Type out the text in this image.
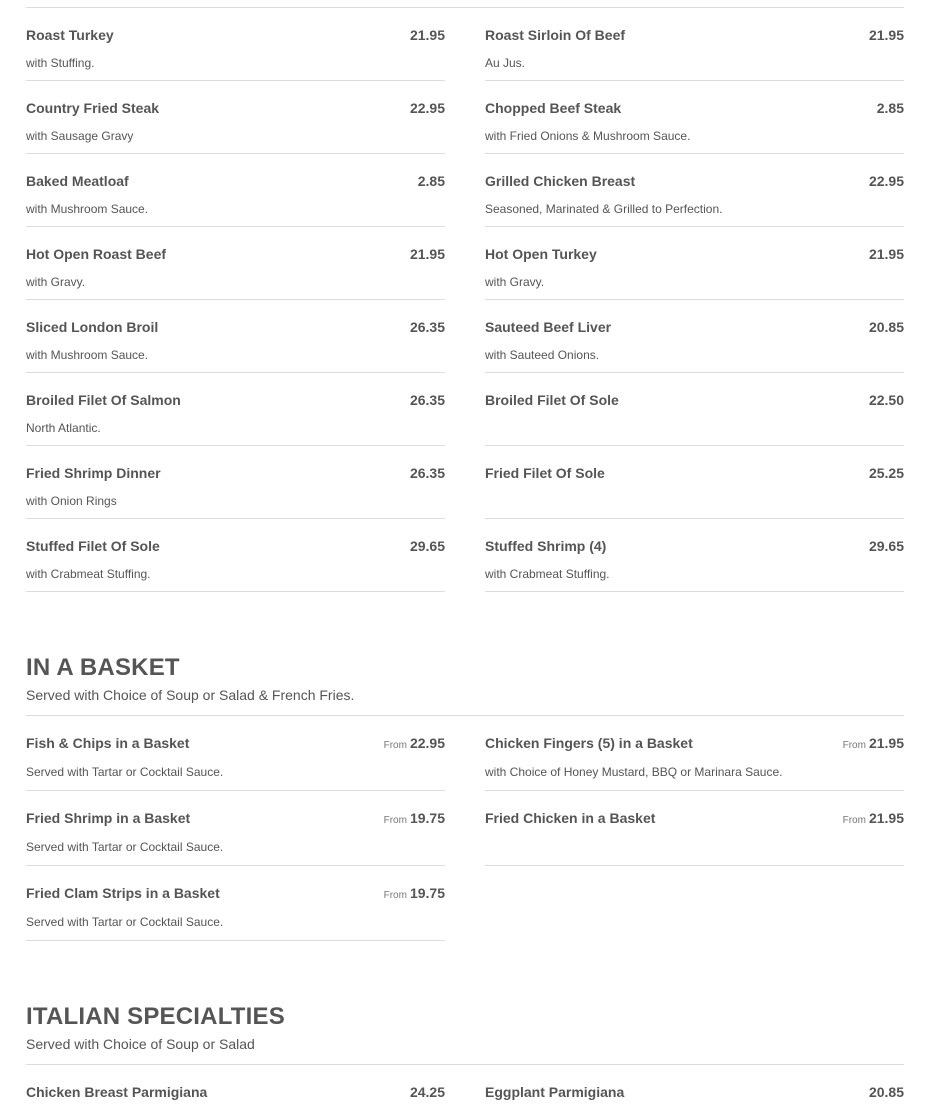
Roast Turkey	21.95
with Stuffing.
Roast Sirloin Of Beef	21.95
Au Jus.
Country Fried Steak	22.95
with Sausage Gravy
Chopped Beef Steak	2.85
with Fried Onions & Mushroom Sauce.
Baked Meatloaf	2.85
with Mushroom Sauce.
Grilled Chicken Breast	22.95
Seasoned, Marinated & Grilled to Perfection.
Hot Open Roast Beef	21.95
with Gravy.
Hot Open Turkey	21.95
with Gravy.
Sliced London Broil	26.35
with Mushroom Sauce.
Sauteed Beef Liver	20.85
with Sauteed Onions.
Broiled Filet Of Salmon	26.35
North Atlantic.
Broiled Filet Of Sole	22.50
Fried Shrimp Dinner	26.35
with Onion Rings
Fried Filet Of Sole	25.25
Stuffed Filet Of Sole	29.65
with Crabmeat Stuffing.
Stuffed Shrimp (4)	29.65
with Crabmeat Stuffing.
IN A BASKET
Served with Choice of Soup or Salad & French Fries.
Fish & Chips in a Basket	From 22.95
Served with Tartar or Cocktail Sauce.
Chicken Fingers (5) in a Basket	From 21.95
with Choice of Honey Mustard, BBQ or Marinara Sauce.
Fried Shrimp in a Basket	From 19.75
Served with Tartar or Cocktail Sauce.
Fried Chicken in a Basket	From 21.95
Fried Clam Strips in a Basket	From 19.75
Served with Tartar or Cocktail Sauce.
ITALIAN SPECIALTIES
Served with Choice of Soup or Salad
Chicken Breast Parmigiana	24.25	Eggplant Parmigiana	20.85
